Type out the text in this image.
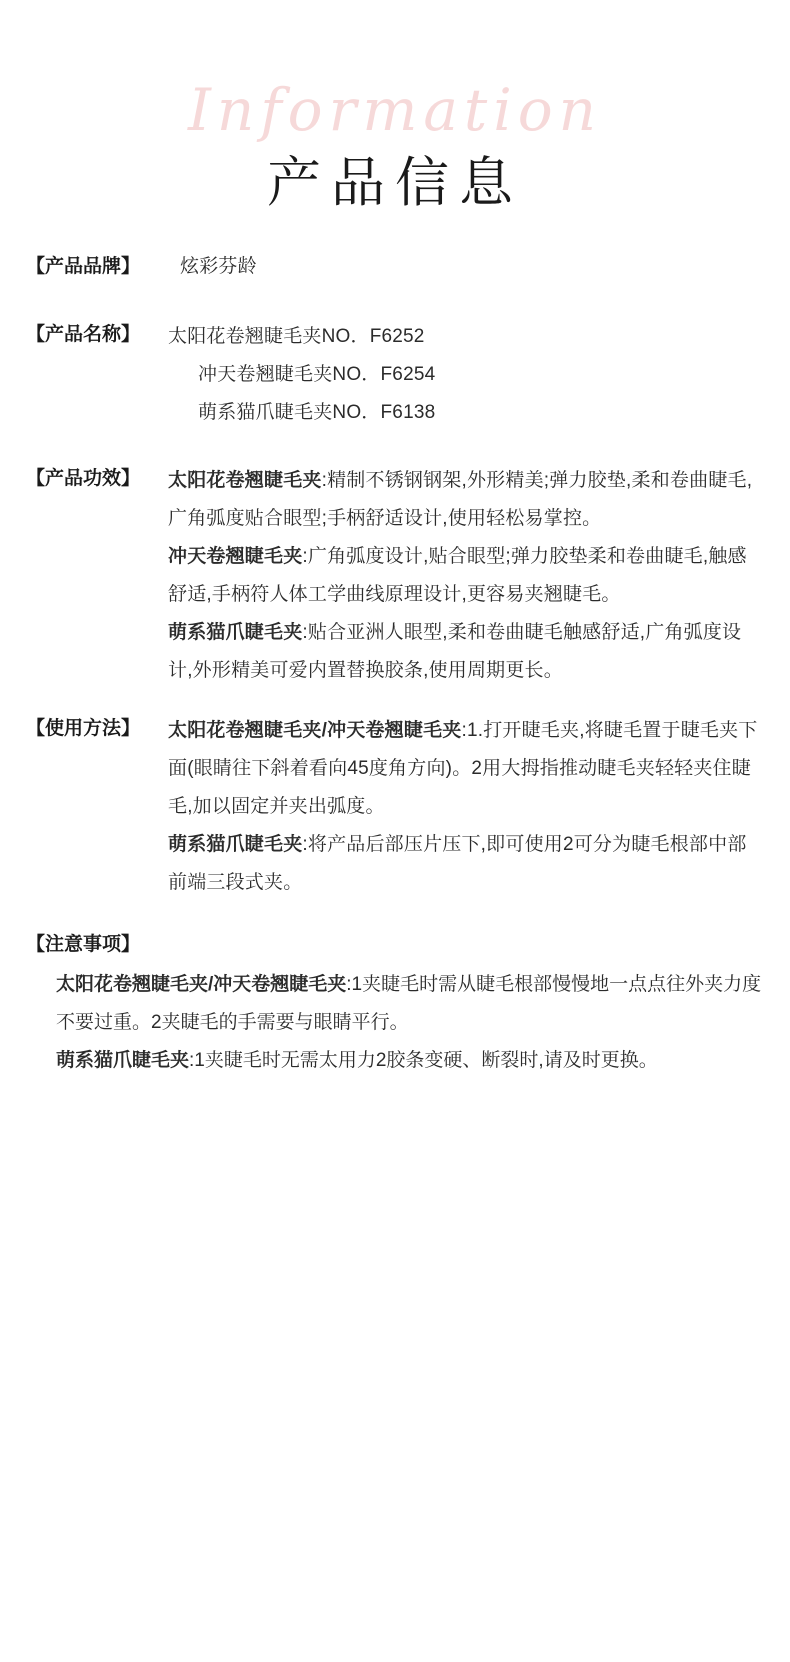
Information
产品信息
【产品品牌】	炫彩芬龄
【产品名称】	太阳花卷翘睫毛夹NO．F6252

冲天卷翘睫毛夹NO．F6254

萌系猫爪睫毛夹NO．F6138

【产品功效】	太阳花卷翘睫毛夹:精制不锈钢钢架,外形精美;弹力胶垫,柔和卷曲睫毛,广角弧度贴合眼型;手柄舒适设计,使用轻松易掌控。

冲天卷翘睫毛夹:广角弧度设计,贴合眼型;弹力胶垫柔和卷曲睫毛,触感舒适,手柄符人体工学曲线原理设计,更容易夹翘睫毛。

萌系猫爪睫毛夹:贴合亚洲人眼型,柔和卷曲睫毛触感舒适,广角弧度设计,外形精美可爱内置替换胶条,使用周期更长。

【使用方法】	太阳花卷翘睫毛夹/冲天卷翘睫毛夹:1.打开睫毛夹,将睫毛置于睫毛夹下面(眼睛往下斜着看向45度角方向)。2用大拇指推动睫毛夹轻轻夹住睫毛,加以固定并夹出弧度。

萌系猫爪睫毛夹:将产品后部压片压下,即可使用2可分为睫毛根部中部前端三段式夹。

【注意事项】

太阳花卷翘睫毛夹/冲天卷翘睫毛夹:1夹睫毛时需从睫毛根部慢慢地一点点往外夹力度不要过重。2夹睫毛的手需要与眼睛平行。

萌系猫爪睫毛夹:1夹睫毛时无需太用力2胶条变硬、断裂时,请及时更换。
